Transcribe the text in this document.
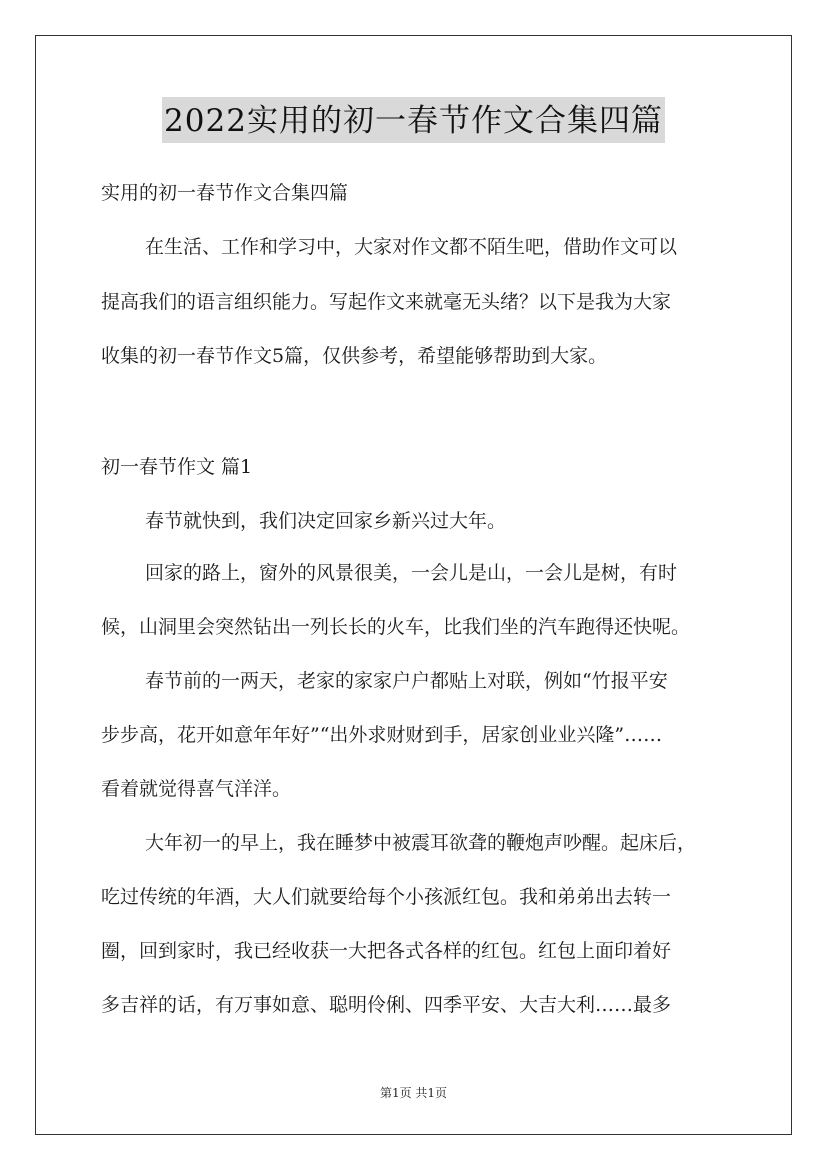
2022实用的初一春节作文合集四篇
实用的初一春节作文合集四篇
在生活、工作和学习中，大家对作文都不陌生吧，借助作文可以
提高我们的语言组织能力。写起作文来就毫无头绪？以下是我为大家
收集的初一春节作文5篇，仅供参考，希望能够帮助到大家。
初一春节作文 篇1
春节就快到，我们决定回家乡新兴过大年。
回家的路上，窗外的风景很美，一会儿是山，一会儿是树，有时
候，山洞里会突然钻出一列长长的火车，比我们坐的汽车跑得还快呢。
春节前的一两天，老家的家家户户都贴上对联，例如“竹报平安
步步高，花开如意年年好”“出外求财财到手，居家创业业兴隆”……
看着就觉得喜气洋洋。
大年初一的早上，我在睡梦中被震耳欲聋的鞭炮声吵醒。起床后，
吃过传统的年酒，大人们就要给每个小孩派红包。我和弟弟出去转一
圈，回到家时，我已经收获一大把各式各样的红包。红包上面印着好
多吉祥的话，有万事如意、聪明伶俐、四季平安、大吉大利……最多
第1页 共1页
